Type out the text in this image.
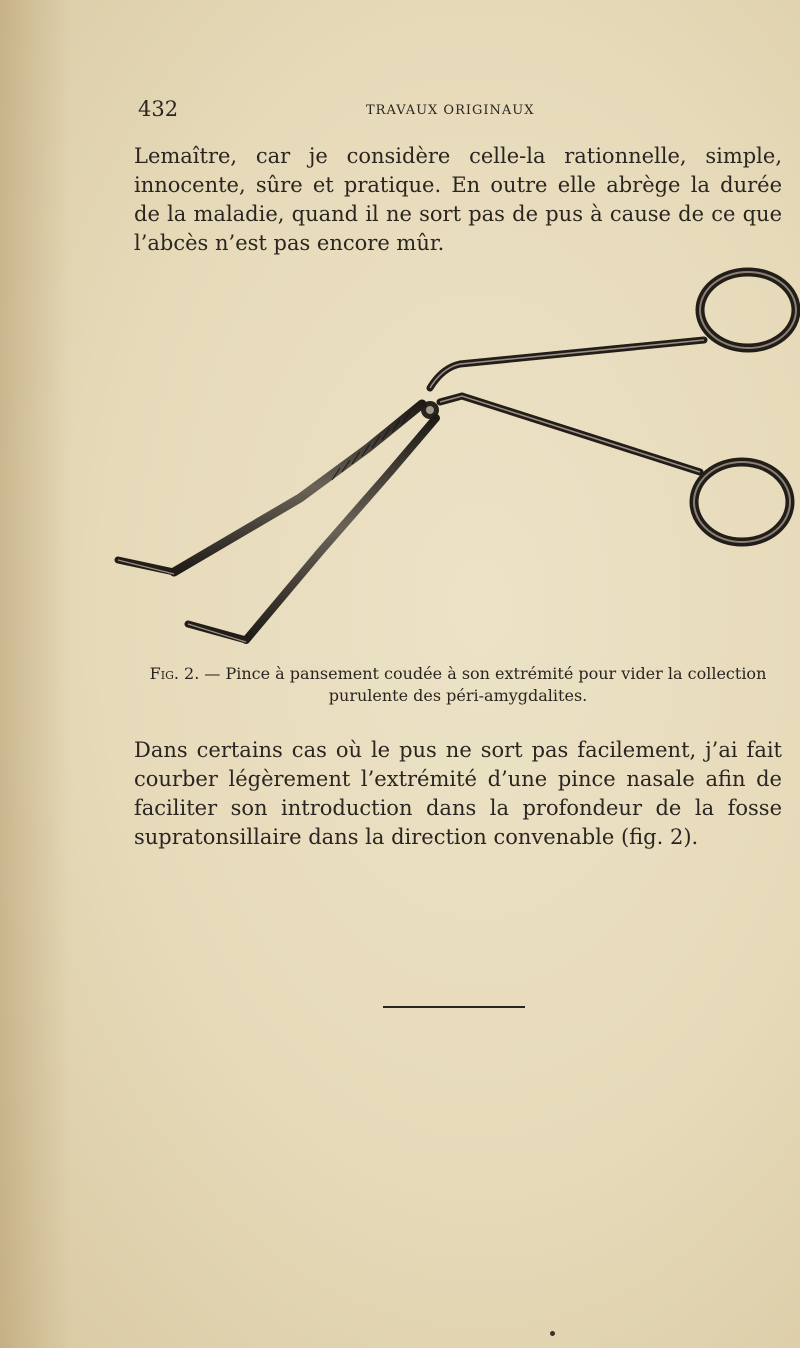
432	TRAVAUX ORIGINAUX

Lemaître, car je considère celle-la rationnelle, simple, innocente, sûre et pratique. En outre elle abrège la durée de la maladie, quand il ne sort pas de pus à cause de ce que l’abcès n’est pas encore mûr.

Fig. 2. — Pince à pansement coudée à son extrémité pour vider la collection purulente des péri-amygdalites.

Dans certains cas où le pus ne sort pas facilement, j’ai fait courber légèrement l’extrémité d’une pince nasale afin de faciliter son introduction dans la profondeur de la fosse supratonsillaire dans la direction convenable (fig. 2).
